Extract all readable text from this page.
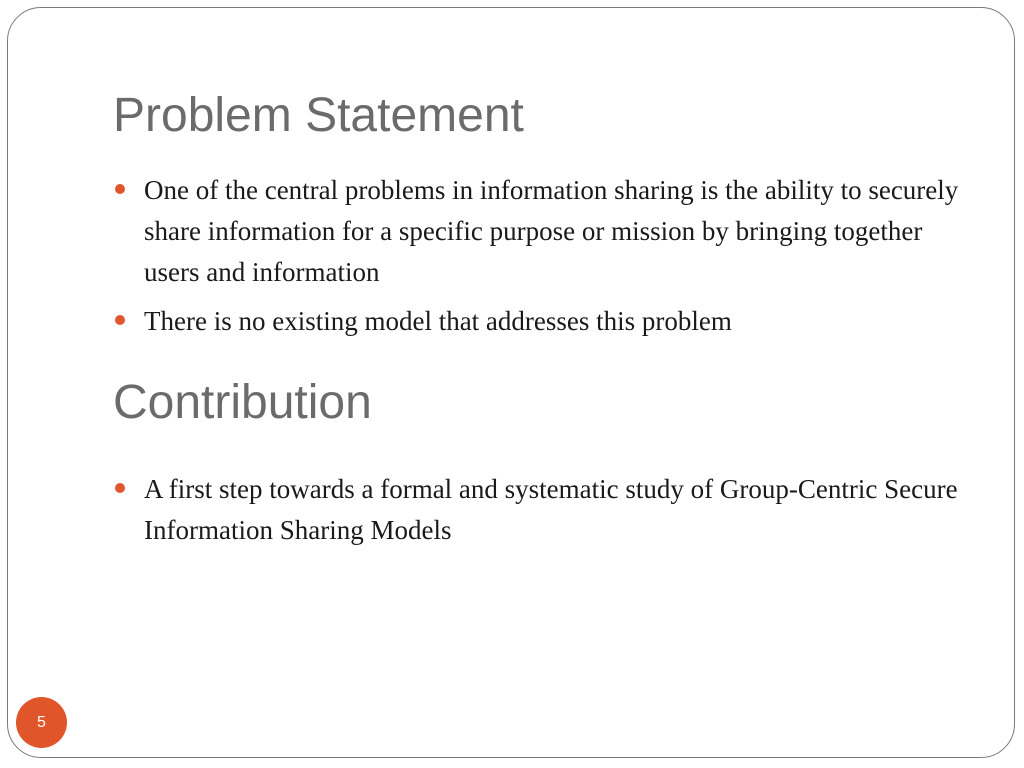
Problem Statement
One of the central problems in information sharing is the ability to securely share information for a specific purpose or mission by bringing together users and information
There is no existing model that addresses this problem
Contribution
A first step towards a formal and systematic study of Group-Centric Secure Information Sharing Models
5
